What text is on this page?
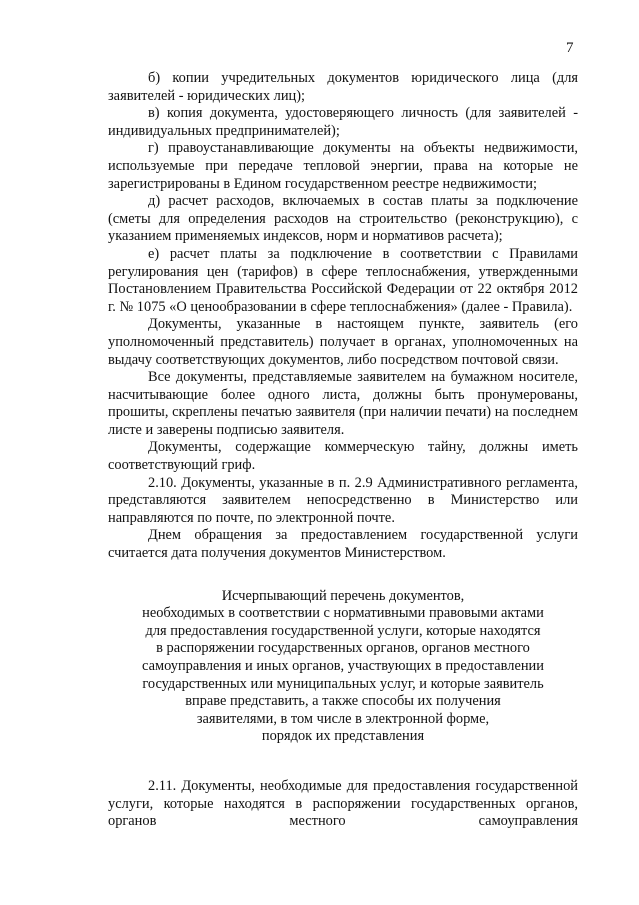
7

б) копии учредительных документов юридического лица (для заявителей - юридических лиц);

в) копия документа, удостоверяющего личность (для заявителей - индивидуальных предпринимателей);

г) правоустанавливающие документы на объекты недвижимости, используемые при передаче тепловой энергии, права на которые не зарегистрированы в Едином государственном реестре недвижимости;

д) расчет расходов, включаемых в состав платы за подключение (сметы для определения расходов на строительство (реконструкцию), с указанием применяемых индексов, норм и нормативов расчета);

е) расчет платы за подключение в соответствии с Правилами регулирования цен (тарифов) в сфере теплоснабжения, утвержденными Постановлением Правительства Российской Федерации от 22 октября 2012 г. № 1075 «О ценообразовании в сфере теплоснабжения» (далее - Правила).

Документы, указанные в настоящем пункте, заявитель (его уполномоченный представитель) получает в органах, уполномоченных на выдачу соответствующих документов, либо посредством почтовой связи.

Все документы, представляемые заявителем на бумажном носителе, насчитывающие более одного листа, должны быть пронумерованы, прошиты, скреплены печатью заявителя (при наличии печати) на последнем листе и заверены подписью заявителя.

Документы, содержащие коммерческую тайну, должны иметь соответствующий гриф.

2.10. Документы, указанные в п. 2.9 Административного регламента, представляются заявителем непосредственно в Министерство или направляются по почте, по электронной почте.

Днем обращения за предоставлением государственной услуги считается дата получения документов Министерством.

Исчерпывающий перечень документов,
необходимых в соответствии с нормативными правовыми актами
для предоставления государственной услуги, которые находятся
в распоряжении государственных органов, органов местного
самоуправления и иных органов, участвующих в предоставлении
государственных или муниципальных услуг, и которые заявитель
вправе представить, а также способы их получения
заявителями, в том числе в электронной форме,
порядок их представления

2.11. Документы, необходимые для предоставления государственной услуги, которые находятся в распоряжении государственных органов, органов местного самоуправления
